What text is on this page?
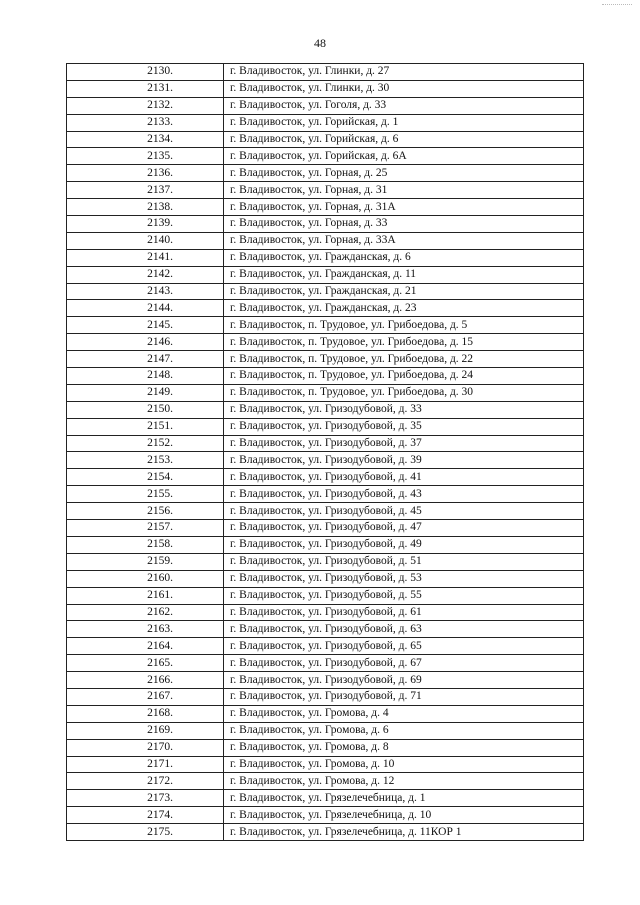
48
2130.	г. Владивосток, ул. Глинки, д. 27
2131.	г. Владивосток, ул. Глинки, д. 30
2132.	г. Владивосток, ул. Гоголя, д. 33
2133.	г. Владивосток, ул. Горийская, д. 1
2134.	г. Владивосток, ул. Горийская, д. 6
2135.	г. Владивосток, ул. Горийская, д. 6А
2136.	г. Владивосток, ул. Горная, д. 25
2137.	г. Владивосток, ул. Горная, д. 31
2138.	г. Владивосток, ул. Горная, д. 31А
2139.	г. Владивосток, ул. Горная, д. 33
2140.	г. Владивосток, ул. Горная, д. 33А
2141.	г. Владивосток, ул. Гражданская, д. 6
2142.	г. Владивосток, ул. Гражданская, д. 11
2143.	г. Владивосток, ул. Гражданская, д. 21
2144.	г. Владивосток, ул. Гражданская, д. 23
2145.	г. Владивосток, п. Трудовое, ул. Грибоедова, д. 5
2146.	г. Владивосток, п. Трудовое, ул. Грибоедова, д. 15
2147.	г. Владивосток, п. Трудовое, ул. Грибоедова, д. 22
2148.	г. Владивосток, п. Трудовое, ул. Грибоедова, д. 24
2149.	г. Владивосток, п. Трудовое, ул. Грибоедова, д. 30
2150.	г. Владивосток, ул. Гризодубовой, д. 33
2151.	г. Владивосток, ул. Гризодубовой, д. 35
2152.	г. Владивосток, ул. Гризодубовой, д. 37
2153.	г. Владивосток, ул. Гризодубовой, д. 39
2154.	г. Владивосток, ул. Гризодубовой, д. 41
2155.	г. Владивосток, ул. Гризодубовой, д. 43
2156.	г. Владивосток, ул. Гризодубовой, д. 45
2157.	г. Владивосток, ул. Гризодубовой, д. 47
2158.	г. Владивосток, ул. Гризодубовой, д. 49
2159.	г. Владивосток, ул. Гризодубовой, д. 51
2160.	г. Владивосток, ул. Гризодубовой, д. 53
2161.	г. Владивосток, ул. Гризодубовой, д. 55
2162.	г. Владивосток, ул. Гризодубовой, д. 61
2163.	г. Владивосток, ул. Гризодубовой, д. 63
2164.	г. Владивосток, ул. Гризодубовой, д. 65
2165.	г. Владивосток, ул. Гризодубовой, д. 67
2166.	г. Владивосток, ул. Гризодубовой, д. 69
2167.	г. Владивосток, ул. Гризодубовой, д. 71
2168.	г. Владивосток, ул. Громова, д. 4
2169.	г. Владивосток, ул. Громова, д. 6
2170.	г. Владивосток, ул. Громова, д. 8
2171.	г. Владивосток, ул. Громова, д. 10
2172.	г. Владивосток, ул. Громова, д. 12
2173.	г. Владивосток, ул. Грязелечебница, д. 1
2174.	г. Владивосток, ул. Грязелечебница, д. 10
2175.	г. Владивосток, ул. Грязелечебница, д. 11КОР 1
